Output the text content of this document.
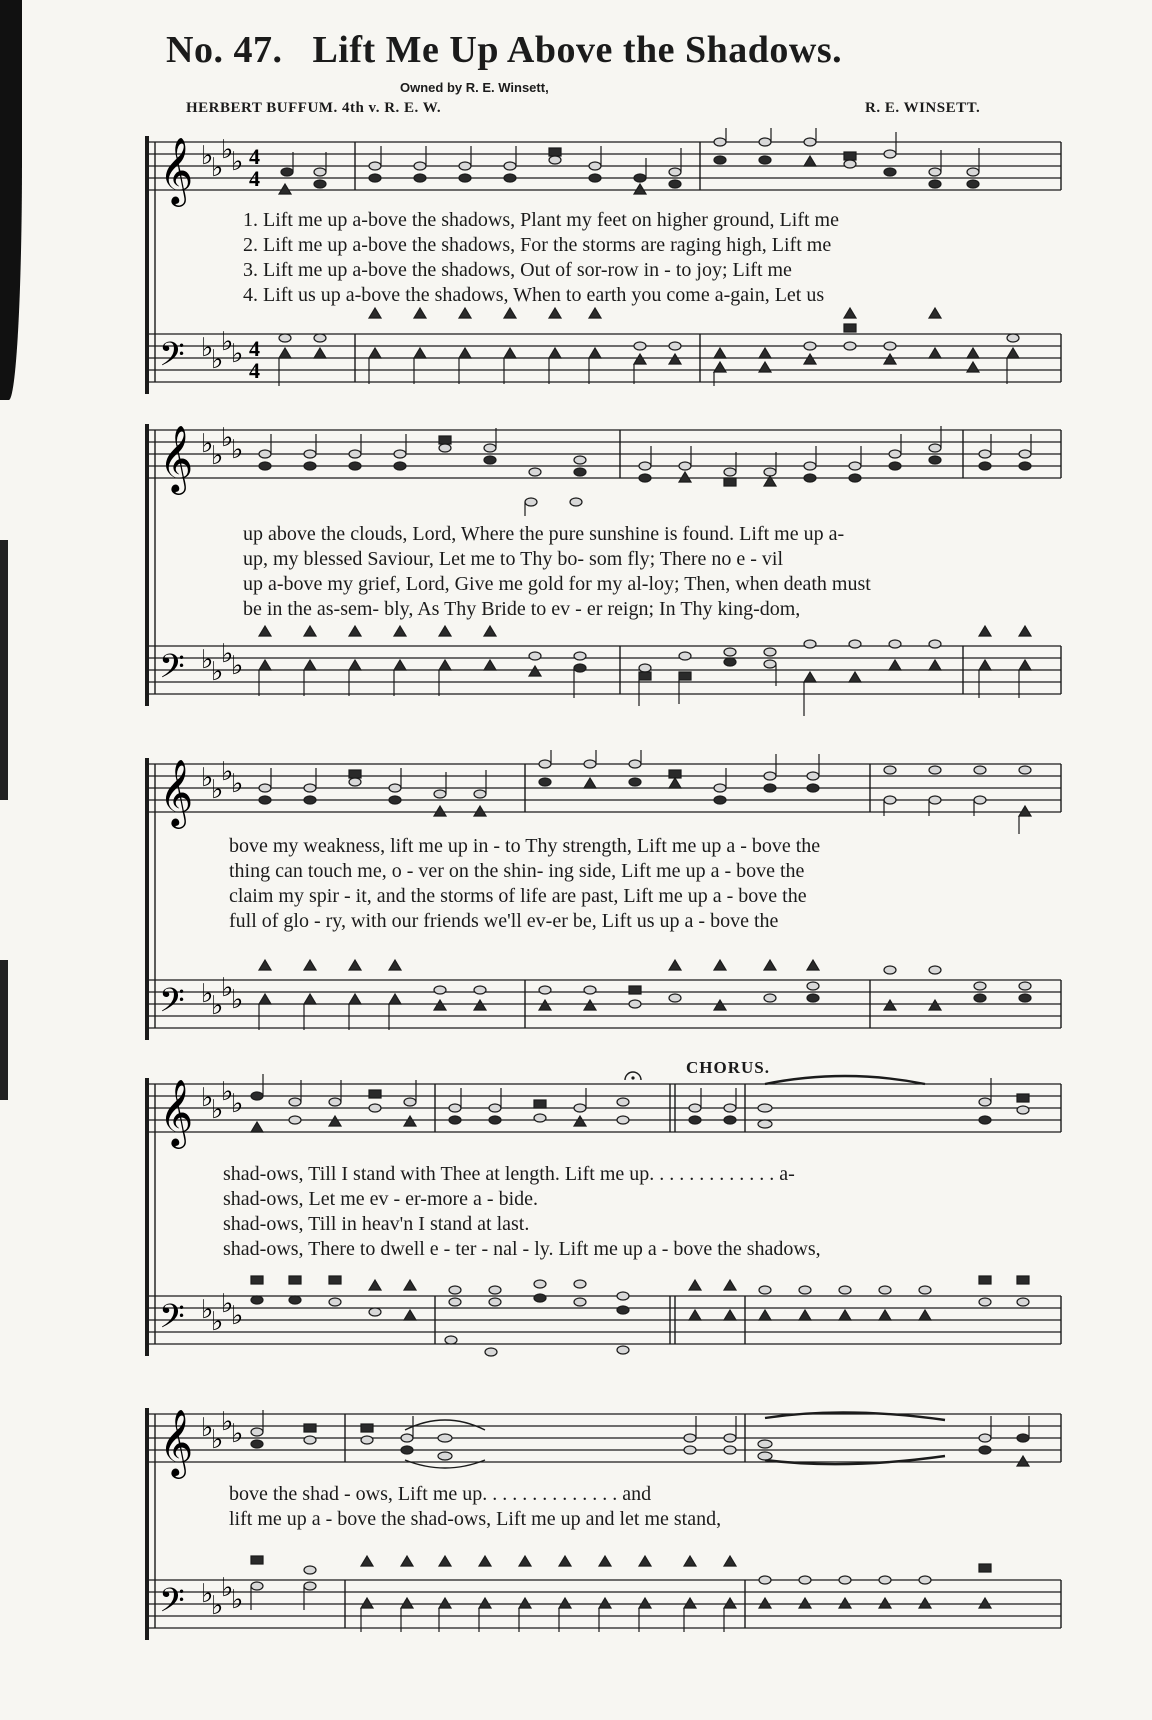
No. 47. Lift Me Up Above the Shadows.
Owned by R. E. Winsett,
HERBERT BUFFUM. 4th v. R. E. W.	R. E. WINSETT.
𝄞
𝄢
♭
♭
♭
♭
♭
♭
♭
♭
4
4
4
4
1. Lift me up a-bove the shadows, Plant my feet on higher ground, Lift me
2. Lift me up a-bove the shadows, For the storms are raging high, Lift me
3. Lift me up a-bove the shadows, Out of sor-row in - to joy; Lift me
4. Lift us up a-bove the shadows, When to earth you come a-gain, Let us
𝄞
𝄢
♭
♭
♭
♭
♭
♭
♭
♭
up above the clouds, Lord, Where the pure sunshine is found. Lift me up a-
up, my blessed Saviour, Let me to Thy bo- som fly; There no e - vil
up a-bove my grief, Lord, Give me gold for my al-loy; Then, when death must
be in the as-sem- bly, As Thy Bride to ev - er reign; In Thy king-dom,
𝄞
𝄢
♭
♭
♭
♭
♭
♭
♭
♭
bove my weakness, lift me up in - to Thy strength, Lift me up a - bove the
thing can touch me, o - ver on the shin- ing side, Lift me up a - bove the
claim my spir - it, and the storms of life are past, Lift me up a - bove the
full of glo - ry, with our friends we'll ev-er be, Lift us up a - bove the
CHORUS.
𝄞
𝄢
♭
♭
♭
♭
♭
♭
♭
♭
shad-ows, Till I stand with Thee at length. Lift me up. . . . . . . . . . . . . a-
shad-ows, Let me ev - er-more a - bide.
shad-ows, Till in heav'n I stand at last.
shad-ows, There to dwell e - ter - nal - ly. Lift me up a - bove the shadows,
𝄞
𝄢
♭
♭
♭
♭
♭
♭
♭
♭
bove the shad - ows, Lift me up. . . . . . . . . . . . . . and
lift me up a - bove the shad-ows, Lift me up and let me stand,
